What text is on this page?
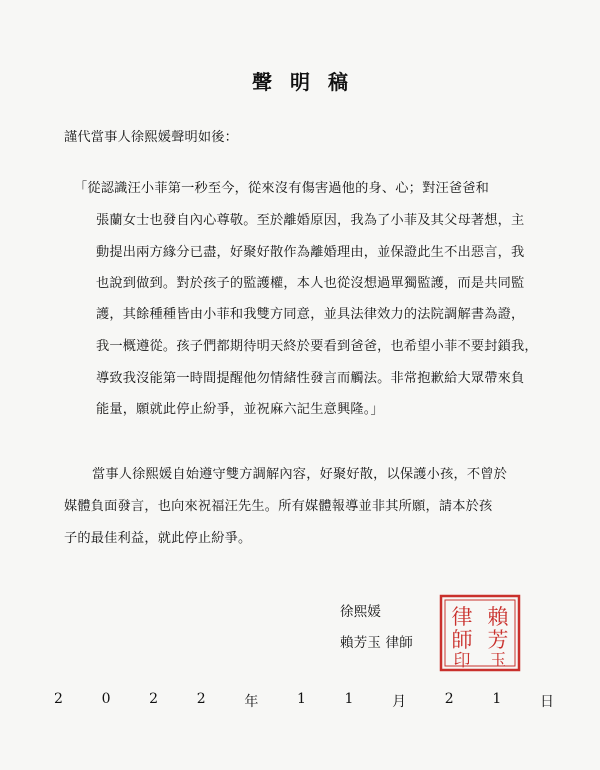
聲明稿
謹代當事人徐熙媛聲明如後：
「從認識汪小菲第一秒至今，從來沒有傷害過他的身、心；對汪爸爸和
張蘭女士也發自內心尊敬。至於離婚原因，我為了小菲及其父母著想，主
動提出兩方緣分已盡，好聚好散作為離婚理由，並保證此生不出惡言，我
也說到做到。對於孩子的監護權，本人也從沒想過單獨監護，而是共同監
護，其餘種種皆由小菲和我雙方同意，並具法律效力的法院調解書為證，
我一概遵從。孩子們都期待明天終於要看到爸爸，也希望小菲不要封鎖我，
導致我沒能第一時間提醒他勿情緒性發言而觸法。非常抱歉給大眾帶來負
能量，願就此停止紛爭，並祝麻六記生意興隆。」
當事人徐熙媛自始遵守雙方調解內容，好聚好散，以保護小孩，不曾於
媒體負面發言，也向來祝福汪先生。所有媒體報導並非其所願，請本於孩
子的最佳利益，就此停止紛爭。
徐熙媛
賴芳玉 律師
賴
芳
玉
律
師
印
2	0	2	2	年	1	1	月	2	1	日
